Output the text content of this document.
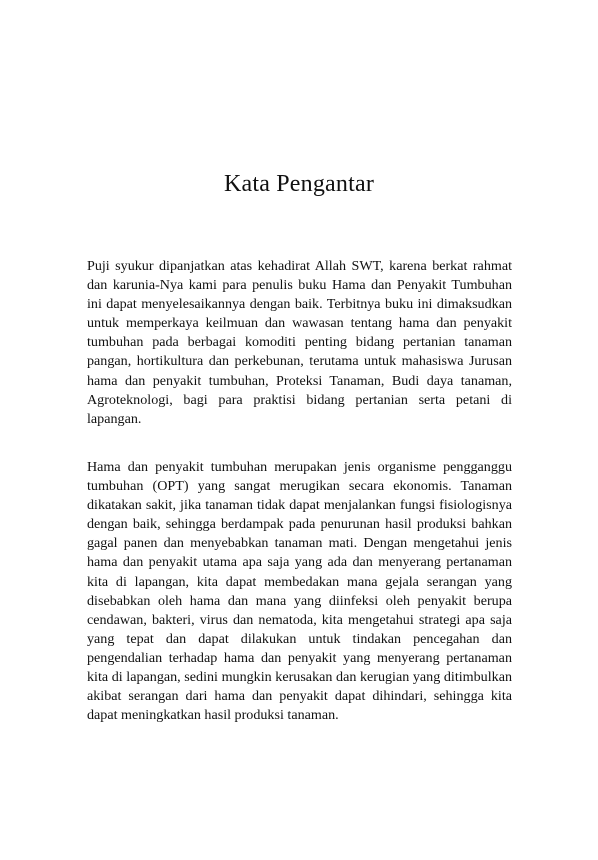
Kata Pengantar

Puji syukur dipanjatkan atas kehadirat Allah SWT, karena berkat rahmat dan karunia-Nya kami para penulis buku Hama dan Penyakit Tumbuhan ini dapat menyelesaikannya dengan baik. Terbitnya buku ini dimaksudkan untuk memperkaya keilmuan dan wawasan tentang hama dan penyakit tumbuhan pada berbagai komoditi penting bidang pertanian tanaman pangan, hortikultura dan perkebunan, terutama untuk mahasiswa Jurusan hama dan penyakit tumbuhan, Proteksi Tanaman, Budi daya tanaman, Agroteknologi, bagi para praktisi bidang pertanian serta petani di lapangan.

Hama dan penyakit tumbuhan merupakan jenis organisme pengganggu tumbuhan (OPT) yang sangat merugikan secara ekonomis. Tanaman dikatakan sakit, jika tanaman tidak dapat menjalankan fungsi fisiologisnya dengan baik, sehingga berdampak pada penurunan hasil produksi bahkan gagal panen dan menyebabkan tanaman mati. Dengan mengetahui jenis hama dan penyakit utama apa saja yang ada dan menyerang pertanaman kita di lapangan, kita dapat membedakan mana gejala serangan yang disebabkan oleh hama dan mana yang diinfeksi oleh penyakit berupa cendawan, bakteri, virus dan nematoda, kita mengetahui strategi apa saja yang tepat dan dapat dilakukan untuk tindakan pencegahan dan pengendalian terhadap hama dan penyakit yang menyerang pertanaman kita di lapangan, sedini mungkin kerusakan dan kerugian yang ditimbulkan akibat serangan dari hama dan penyakit dapat dihindari, sehingga kita dapat meningkatkan hasil produksi tanaman.
